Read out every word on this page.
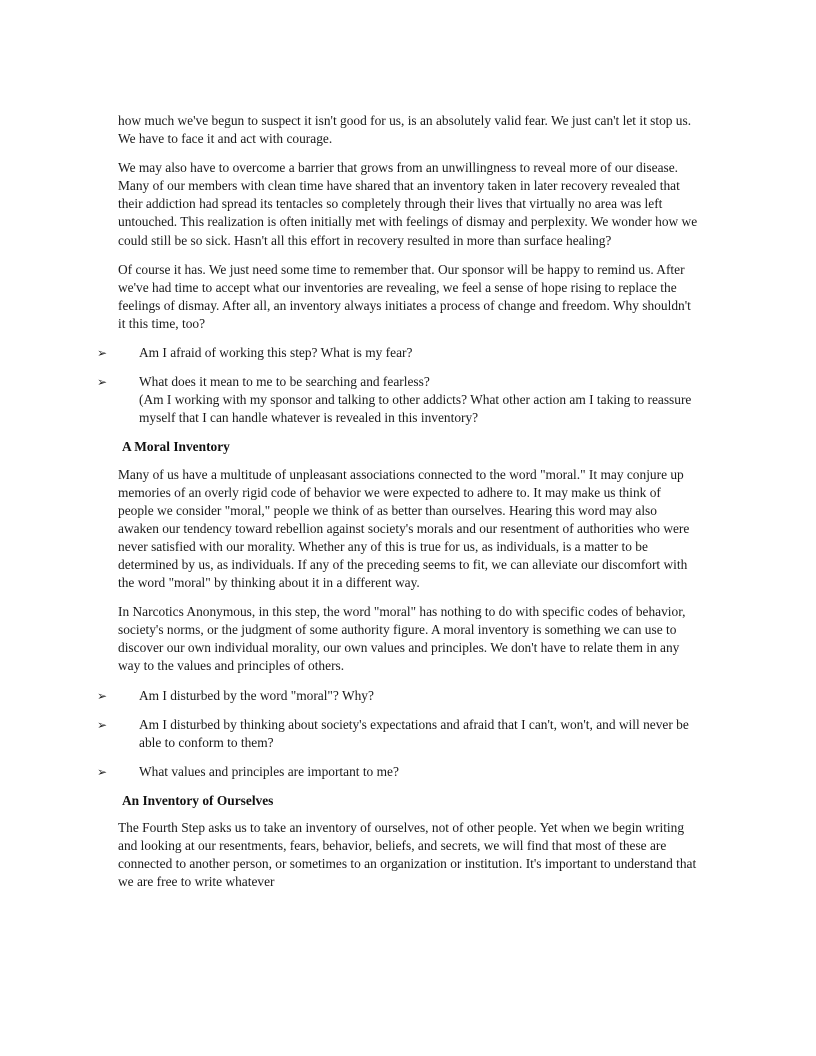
how much we've begun to suspect it isn't good for us, is an absolutely valid fear. We just can't let it stop us. We have to face it and act with courage.

We may also have to overcome a barrier that grows from an unwillingness to reveal more of our disease. Many of our members with clean time have shared that an inventory taken in later recovery revealed that their addiction had spread its tentacles so completely through their lives that virtually no area was left untouched. This realization is often initially met with feelings of dismay and perplexity. We wonder how we could still be so sick. Hasn't all this effort in recovery resulted in more than surface healing?

Of course it has. We just need some time to remember that. Our sponsor will be happy to remind us. After we've had time to accept what our inventories are revealing, we feel a sense of hope rising to replace the feelings of dismay. After all, an inventory always initiates a process of change and freedom. Why shouldn't it this time, too?

➢	Am I afraid of working this step? What is my fear?
➢	What does it mean to me to be searching and fearless?
(Am I working with my sponsor and talking to other addicts? What other action am I taking to reassure myself that I can handle whatever is revealed in this inventory?
A Moral Inventory

Many of us have a multitude of unpleasant associations connected to the word "moral." It may conjure up memories of an overly rigid code of behavior we were expected to adhere to. It may make us think of people we consider "moral," people we think of as better than ourselves. Hearing this word may also awaken our tendency toward rebellion against society's morals and our resentment of authorities who were never satisfied with our morality. Whether any of this is true for us, as individuals, is a matter to be determined by us, as individuals. If any of the preceding seems to fit, we can alleviate our discomfort with the word "moral" by thinking about it in a different way.

In Narcotics Anonymous, in this step, the word "moral" has nothing to do with specific codes of behavior, society's norms, or the judgment of some authority figure. A moral inventory is something we can use to discover our own individual morality, our own values and principles. We don't have to relate them in any way to the values and principles of others.

➢	Am I disturbed by the word "moral"? Why?
➢	Am I disturbed by thinking about society's expectations and afraid that I can't, won't, and will never be able to conform to them?
➢	What values and principles are important to me?
An Inventory of Ourselves

The Fourth Step asks us to take an inventory of ourselves, not of other people. Yet when we begin writing and looking at our resentments, fears, behavior, beliefs, and secrets, we will find that most of these are connected to another person, or sometimes to an organization or institution. It's important to understand that we are free to write whatever
